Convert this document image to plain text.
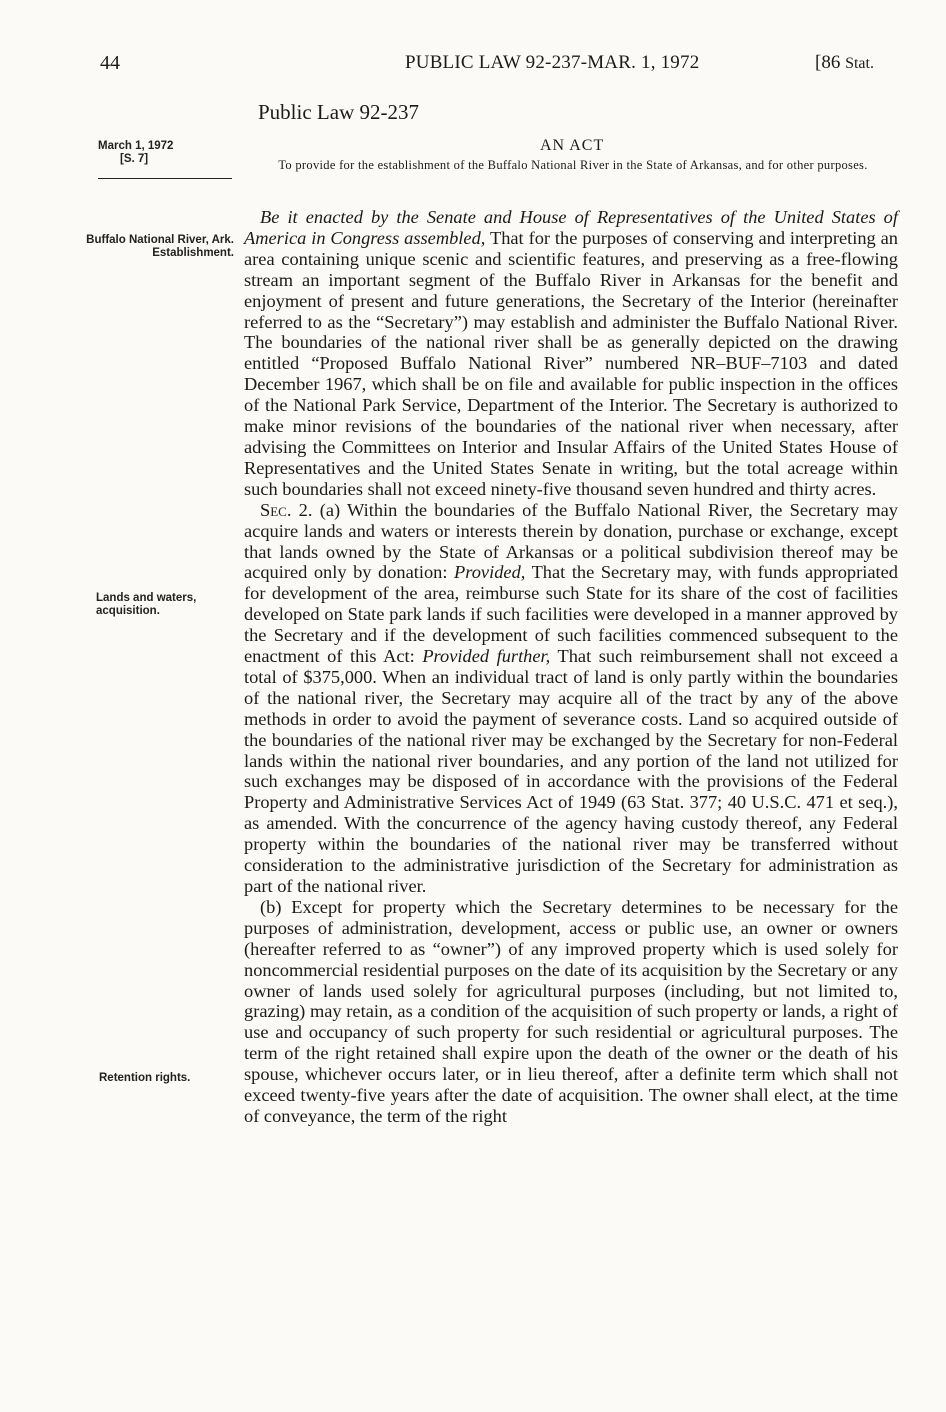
44	PUBLIC LAW 92-237-MAR. 1, 1972	[86 Stat.
March 1, 1972
[S. 7]
Public Law 92-237
AN ACT
To provide for the establishment of the Buffalo National River in the State of Arkansas, and for other purposes.
Buffalo National River, Ark. Establishment.
Lands and waters, acquisition.
Retention rights.

Be it enacted by the Senate and House of Representatives of the United States of America in Congress assembled, That for the purposes of conserving and interpreting an area containing unique scenic and scientific features, and preserving as a free-flowing stream an important segment of the Buffalo River in Arkansas for the benefit and enjoyment of present and future generations, the Secretary of the Interior (hereinafter referred to as the “Secretary”) may establish and administer the Buffalo National River. The boundaries of the national river shall be as generally depicted on the drawing entitled “Proposed Buffalo National River” numbered NR–BUF–7103 and dated December 1967, which shall be on file and available for public inspection in the offices of the National Park Service, Department of the Interior. The Secretary is authorized to make minor revisions of the boundaries of the national river when necessary, after advising the Committees on Interior and Insular Affairs of the United States House of Representatives and the United States Senate in writing, but the total acreage within such boundaries shall not exceed ninety-five thousand seven hundred and thirty acres.

Sec. 2. (a) Within the boundaries of the Buffalo National River, the Secretary may acquire lands and waters or interests therein by donation, purchase or exchange, except that lands owned by the State of Arkansas or a political subdivision thereof may be acquired only by donation: Provided, That the Secretary may, with funds appropriated for development of the area, reimburse such State for its share of the cost of facilities developed on State park lands if such facilities were developed in a manner approved by the Secretary and if the development of such facilities commenced subsequent to the enactment of this Act: Provided further, That such reimbursement shall not exceed a total of $375,000. When an individual tract of land is only partly within the boundaries of the national river, the Secretary may acquire all of the tract by any of the above methods in order to avoid the payment of severance costs. Land so acquired outside of the boundaries of the national river may be exchanged by the Secretary for non-Federal lands within the national river boundaries, and any portion of the land not utilized for such exchanges may be disposed of in accordance with the provisions of the Federal Property and Administrative Services Act of 1949 (63 Stat. 377; 40 U.S.C. 471 et seq.), as amended. With the concurrence of the agency having custody thereof, any Federal property within the boundaries of the national river may be transferred without consideration to the administrative jurisdiction of the Secretary for administration as part of the national river.

(b) Except for property which the Secretary determines to be necessary for the purposes of administration, development, access or public use, an owner or owners (hereafter referred to as “owner”) of any improved property which is used solely for noncommercial residential purposes on the date of its acquisition by the Secretary or any owner of lands used solely for agricultural purposes (including, but not limited to, grazing) may retain, as a condition of the acquisition of such property or lands, a right of use and occupancy of such property for such residential or agricultural purposes. The term of the right retained shall expire upon the death of the owner or the death of his spouse, whichever occurs later, or in lieu thereof, after a definite term which shall not exceed twenty-five years after the date of acquisition. The owner shall elect, at the time of conveyance, the term of the right
